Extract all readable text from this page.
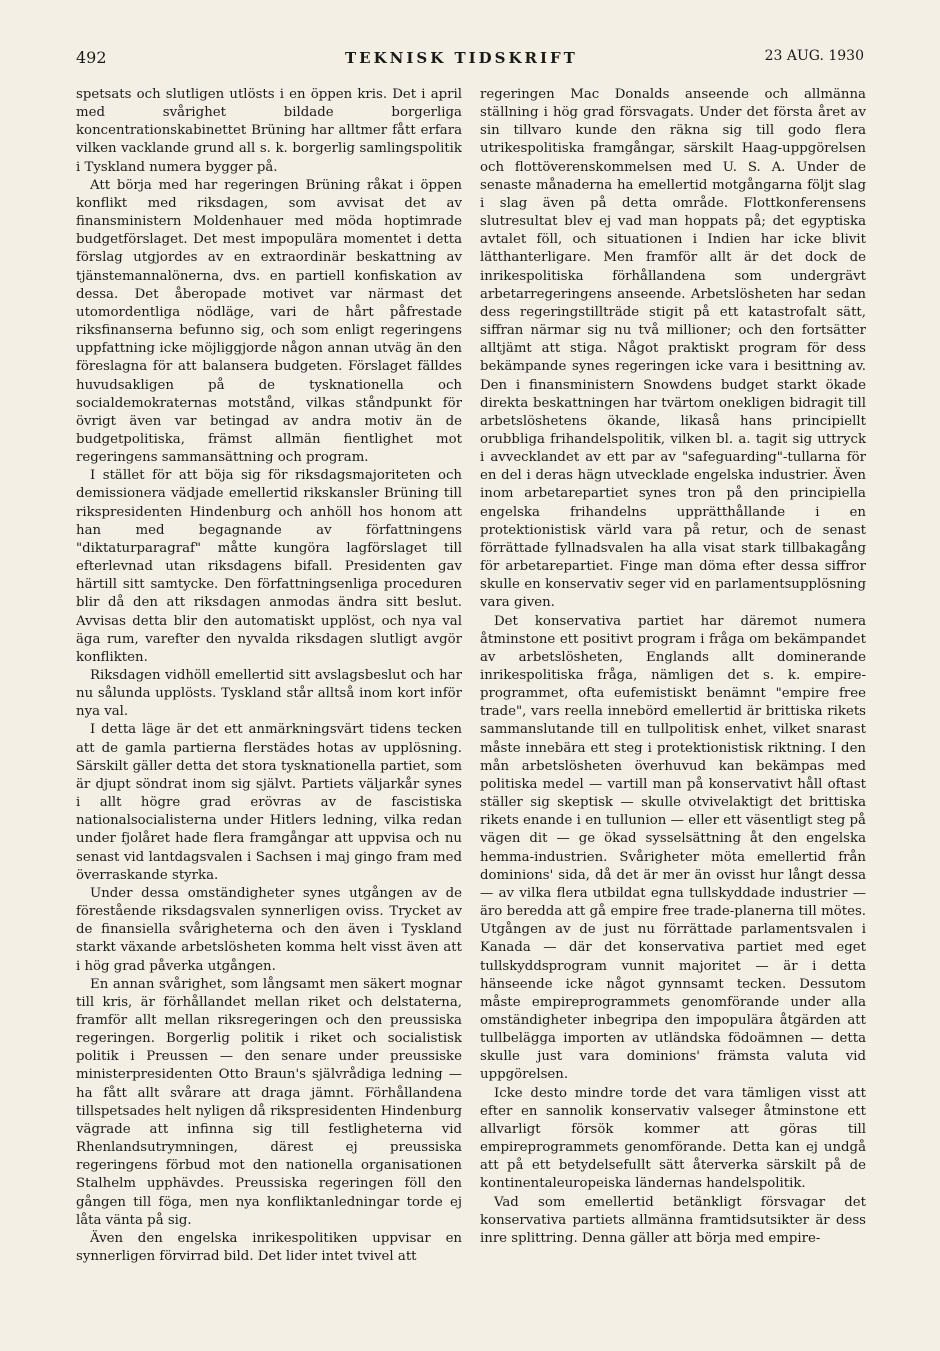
492	TEKNISK TIDSKRIFT	23 AUG. 1930

spetsats och slutligen utlösts i en öppen kris. Det i april med svårighet bildade borgerliga koncentrationskabinettet Brüning har alltmer fått erfara vilken vacklande grund all s. k. borgerlig samlingspolitik i Tyskland numera bygger på.

Att börja med har regeringen Brüning råkat i öppen konflikt med riksdagen, som avvisat det av finansministern Moldenhauer med möda hoptimrade budgetförslaget. Det mest impopulära momentet i detta förslag utgjordes av en extraordinär beskattning av tjänstemannalönerna, dvs. en partiell konfiskation av dessa. Det åberopade motivet var närmast det utomordentliga nödläge, vari de hårt påfrestade riksfinanserna befunno sig, och som enligt regeringens uppfattning icke möjliggjorde någon annan utväg än den föreslagna för att balansera budgeten. Förslaget fälldes huvudsakligen på de tysknationella och socialdemokraternas motstånd, vilkas ståndpunkt för övrigt även var betingad av andra motiv än de budgetpolitiska, främst allmän fientlighet mot regeringens sammansättning och program.

I stället för att böja sig för riksdagsmajoriteten och demissionera vädjade emellertid rikskansler Brüning till rikspresidenten Hindenburg och anhöll hos honom att han med begagnande av författningens "diktaturparagraf" måtte kungöra lagförslaget till efterlevnad utan riksdagens bifall. Presidenten gav härtill sitt samtycke. Den författningsenliga proceduren blir då den att riksdagen anmodas ändra sitt beslut. Avvisas detta blir den automatiskt upplöst, och nya val äga rum, varefter den nyvalda riksdagen slutligt avgör konflikten.

Riksdagen vidhöll emellertid sitt avslagsbeslut och har nu sålunda upplösts. Tyskland står alltså inom kort inför nya val.

I detta läge är det ett anmärkningsvärt tidens tecken att de gamla partierna flerstädes hotas av upplösning. Särskilt gäller detta det stora tysknationella partiet, som är djupt söndrat inom sig självt. Partiets väljarkår synes i allt högre grad erövras av de fascistiska nationalsocialisterna under Hitlers ledning, vilka redan under fjolåret hade flera framgångar att uppvisa och nu senast vid lantdagsvalen i Sachsen i maj gingo fram med överraskande styrka.

Under dessa omständigheter synes utgången av de förestående riksdagsvalen synnerligen oviss. Trycket av de finansiella svårigheterna och den även i Tyskland starkt växande arbetslösheten komma helt visst även att i hög grad påverka utgången.

En annan svårighet, som långsamt men säkert mognar till kris, är förhållandet mellan riket och delstaterna, framför allt mellan riksregeringen och den preussiska regeringen. Borgerlig politik i riket och socialistisk politik i Preussen — den senare under preussiske ministerpresidenten Otto Braun's självrådiga ledning — ha fått allt svårare att draga jämnt. Förhållandena tillspetsades helt nyligen då rikspresidenten Hindenburg vägrade att infinna sig till festligheterna vid Rhenlandsutrymningen, därest ej preussiska regeringens förbud mot den nationella organisationen Stalhelm upphävdes. Preussiska regeringen föll den gången till föga, men nya konfliktanledningar torde ej låta vänta på sig.

Även den engelska inrikespolitiken uppvisar en synnerligen förvirrad bild. Det lider intet tvivel att

regeringen Mac Donalds anseende och allmänna ställning i hög grad försvagats. Under det första året av sin tillvaro kunde den räkna sig till godo flera utrikespolitiska framgångar, särskilt Haag-uppgörelsen och flottöverenskommelsen med U. S. A. Under de senaste månaderna ha emellertid motgångarna följt slag i slag även på detta område. Flottkonferensens slutresultat blev ej vad man hoppats på; det egyptiska avtalet föll, och situationen i Indien har icke blivit lätthanterligare. Men framför allt är det dock de inrikespolitiska förhållandena som undergrävt arbetarregeringens anseende. Arbetslösheten har sedan dess regeringstillträde stigit på ett katastrofalt sätt, siffran närmar sig nu två millioner; och den fortsätter alltjämt att stiga. Något praktiskt program för dess bekämpande synes regeringen icke vara i besittning av. Den i finansministern Snowdens budget starkt ökade direkta beskattningen har tvärtom onekligen bidragit till arbetslöshetens ökande, likaså hans principiellt orubbliga frihandelspolitik, vilken bl. a. tagit sig uttryck i avvecklandet av ett par av "safeguarding"-tullarna för en del i deras hägn utvecklade engelska industrier. Även inom arbetarepartiet synes tron på den principiella engelska frihandelns upprätthållande i en protektionistisk värld vara på retur, och de senast förrättade fyllnadsvalen ha alla visat stark tillbakagång för arbetarepartiet. Finge man döma efter dessa siffror skulle en konservativ seger vid en parlamentsupplösning vara given.

Det konservativa partiet har däremot numera åtminstone ett positivt program i fråga om bekämpandet av arbetslösheten, Englands allt dominerande inrikespolitiska fråga, nämligen det s. k. empire-programmet, ofta eufemistiskt benämnt "empire free trade", vars reella innebörd emellertid är brittiska rikets sammanslutande till en tullpolitisk enhet, vilket snarast måste innebära ett steg i protektionistisk riktning. I den mån arbetslösheten överhuvud kan bekämpas med politiska medel — vartill man på konservativt håll oftast ställer sig skeptisk — skulle otvivelaktigt det brittiska rikets enande i en tullunion — eller ett väsentligt steg på vägen dit — ge ökad sysselsättning åt den engelska hemma-industrien. Svårigheter möta emellertid från dominions' sida, då det är mer än ovisst hur långt dessa — av vilka flera utbildat egna tullskyddade industrier — äro beredda att gå empire free trade-planerna till mötes. Utgången av de just nu förrättade parlamentsvalen i Kanada — där det konservativa partiet med eget tullskyddsprogram vunnit majoritet — är i detta hänseende icke något gynnsamt tecken. Dessutom måste empireprogrammets genomförande under alla omständigheter inbegripa den impopulära åtgärden att tullbelägga importen av utländska födoämnen — detta skulle just vara dominions' främsta valuta vid uppgörelsen.

Icke desto mindre torde det vara tämligen visst att efter en sannolik konservativ valseger åtminstone ett allvarligt försök kommer att göras till empireprogrammets genomförande. Detta kan ej undgå att på ett betydelsefullt sätt återverka särskilt på de kontinentaleuropeiska ländernas handelspolitik.

Vad som emellertid betänkligt försvagar det konservativa partiets allmänna framtidsutsikter är dess inre splittring. Denna gäller att börja med empire-
